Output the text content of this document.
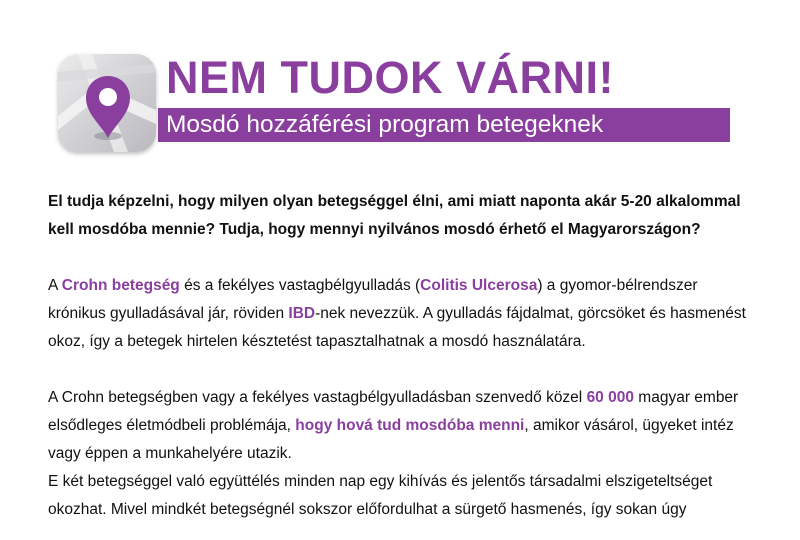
NEM TUDOK VÁRNI!
Mosdó hozzáférési program betegeknek

El tudja képzelni, hogy milyen olyan betegséggel élni, ami miatt naponta akár 5-20 alkalommal kell mosdóba mennie? Tudja, hogy mennyi nyilvános mosdó érhető el Magyarországon?

A Crohn betegség és a fekélyes vastagbélgyulladás (Colitis Ulcerosa) a gyomor-bélrendszer krónikus gyulladásával jár, röviden IBD-nek nevezzük. A gyulladás fájdalmat, görcsöket és hasmenést okoz, így a betegek hirtelen késztetést tapasztalhatnak a mosdó használatára.

A Crohn betegségben vagy a fekélyes vastagbélgyulladásban szenvedő közel 60 000 magyar ember elsődleges életmódbeli problémája, hogy hová tud mosdóba menni, amikor vásárol, ügyeket intéz vagy éppen a munkahelyére utazik.

E két betegséggel való együttélés minden nap egy kihívás és jelentős társadalmi elszigeteltséget okozhat. Mivel mindkét betegségnél sokszor előfordulhat a sürgető hasmenés, így sokan úgy
